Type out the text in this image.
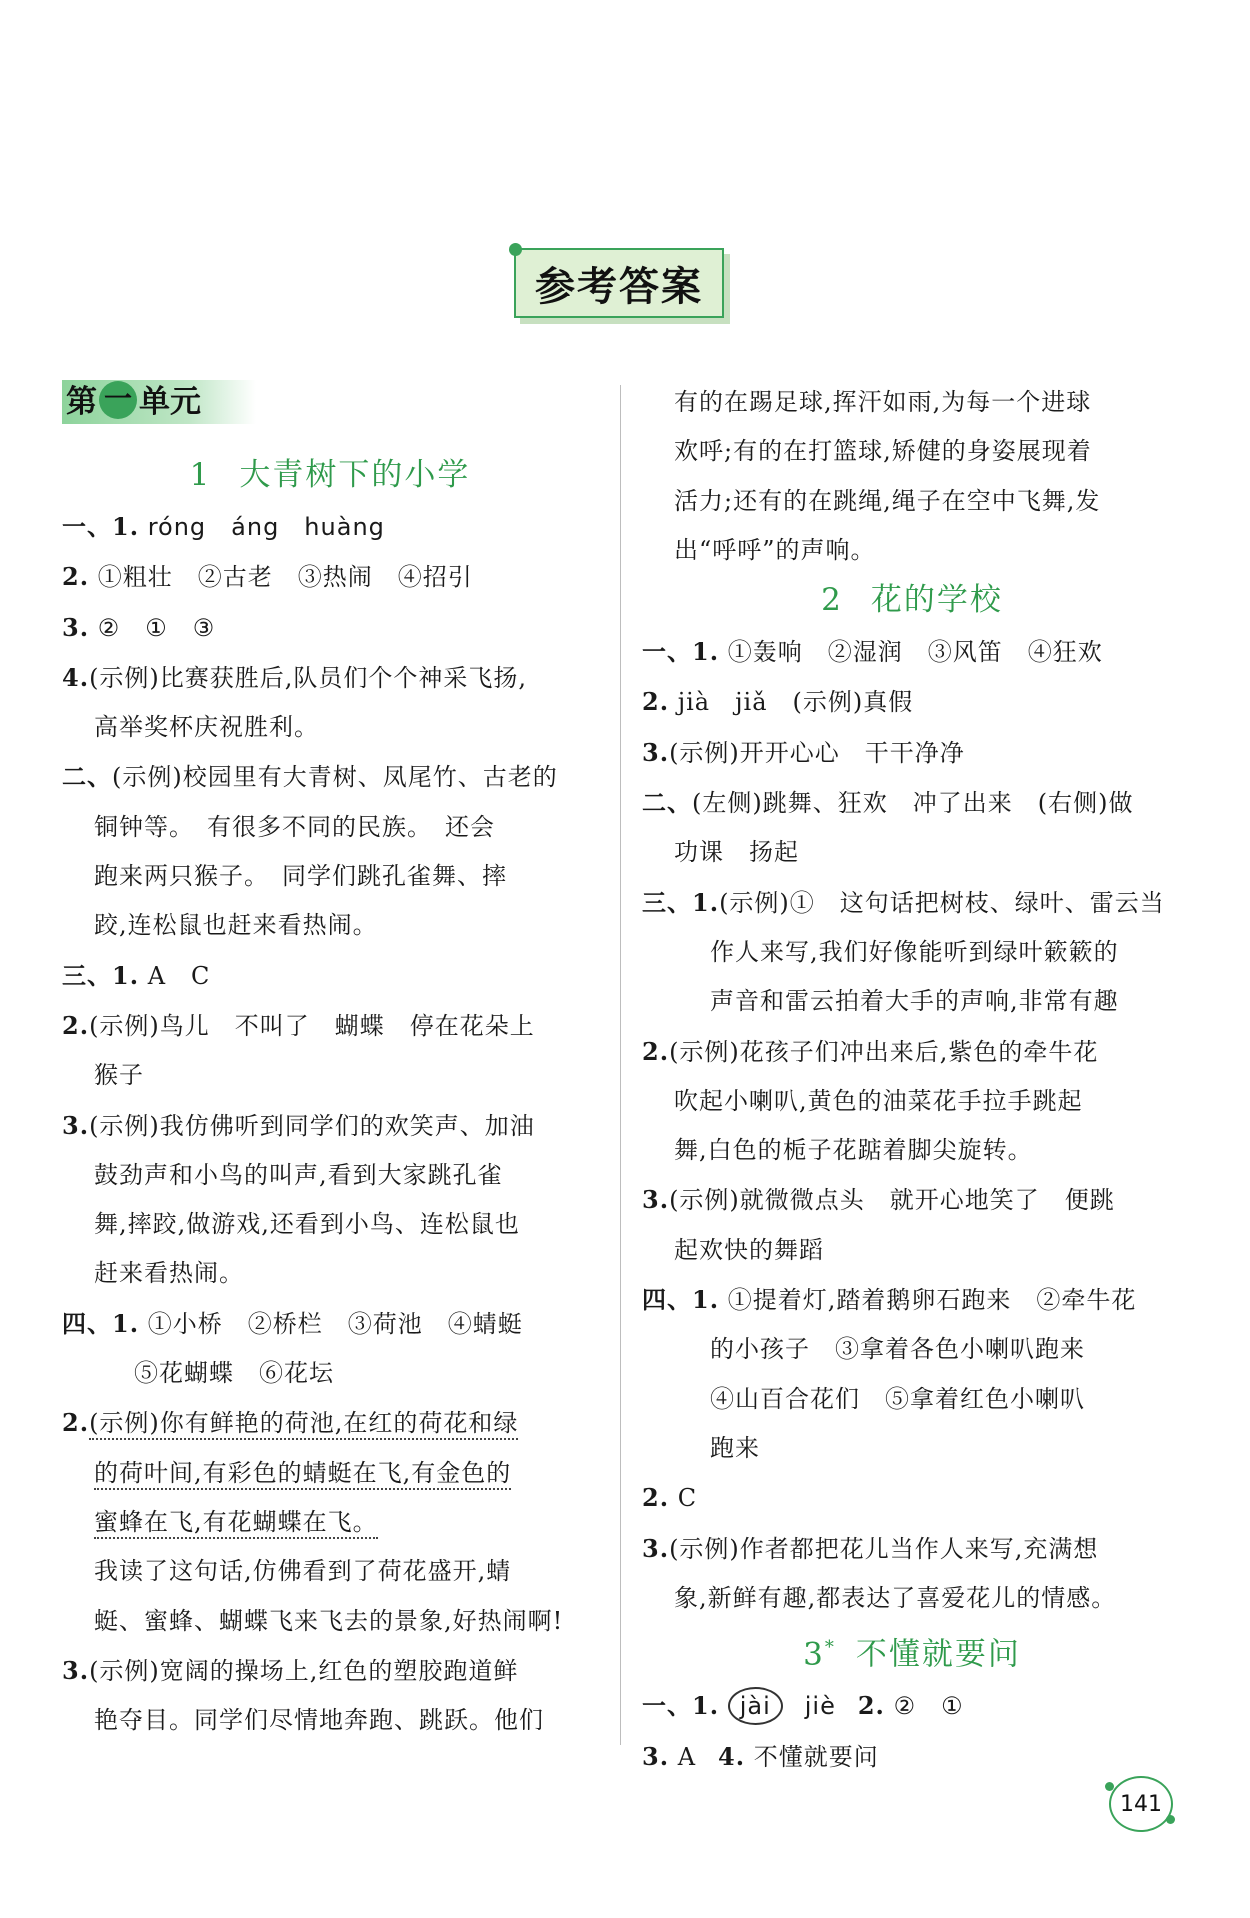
参考答案
第 一 单元
1 大青树下的小学
一、1. róng　áng　huàng
2. ①粗壮　②古老　③热闹　④招引
3. ②　①　③
4.(示例)比赛获胜后,队员们个个神采飞扬,
高举奖杯庆祝胜利。
二、(示例)校园里有大青树、凤尾竹、古老的
铜钟等。　有很多不同的民族。　还会
跑来两只猴子。　同学们跳孔雀舞、摔
跤,连松鼠也赶来看热闹。
三、1. A　C
2.(示例)鸟儿　不叫了　蝴蝶　停在花朵上
猴子
3.(示例)我仿佛听到同学们的欢笑声、加油
鼓劲声和小鸟的叫声,看到大家跳孔雀
舞,摔跤,做游戏,还看到小鸟、连松鼠也
赶来看热闹。
四、1. ①小桥　②桥栏　③荷池　④蜻蜓
⑤花蝴蝶　⑥花坛
2.(示例)你有鲜艳的荷池,在红的荷花和绿
的荷叶间,有彩色的蜻蜓在飞,有金色的
蜜蜂在飞,有花蝴蝶在飞。
我读了这句话,仿佛看到了荷花盛开,蜻
蜓、蜜蜂、蝴蝶飞来飞去的景象,好热闹啊!
3.(示例)宽阔的操场上,红色的塑胶跑道鲜
艳夺目。同学们尽情地奔跑、跳跃。他们
有的在踢足球,挥汗如雨,为每一个进球
欢呼;有的在打篮球,矫健的身姿展现着
活力;还有的在跳绳,绳子在空中飞舞,发
出“呼呼”的声响。
2 花的学校
一、1. ①轰响　②湿润　③风笛　④狂欢
2. jià　jiǎ　(示例)真假
3.(示例)开开心心　干干净净
二、(左侧)跳舞、狂欢　冲了出来　(右侧)做
功课　扬起
三、1.(示例)①　这句话把树枝、绿叶、雷云当
作人来写,我们好像能听到绿叶簌簌的
声音和雷云拍着大手的声响,非常有趣
2.(示例)花孩子们冲出来后,紫色的牵牛花
吹起小喇叭,黄色的油菜花手拉手跳起
舞,白色的栀子花踮着脚尖旋转。
3.(示例)就微微点头　就开心地笑了　便跳
起欢快的舞蹈
四、1. ①提着灯,踏着鹅卵石跑来　②牵牛花
的小孩子　③拿着各色小喇叭跑来
④山百合花们　⑤拿着红色小喇叭
跑来
2. C
3.(示例)作者都把花儿当作人来写,充满想
象,新鲜有趣,都表达了喜爱花儿的情感。
3* 不懂就要问
一、1. jài jiè 2. ②　①
3. A 4. 不懂就要问
141
